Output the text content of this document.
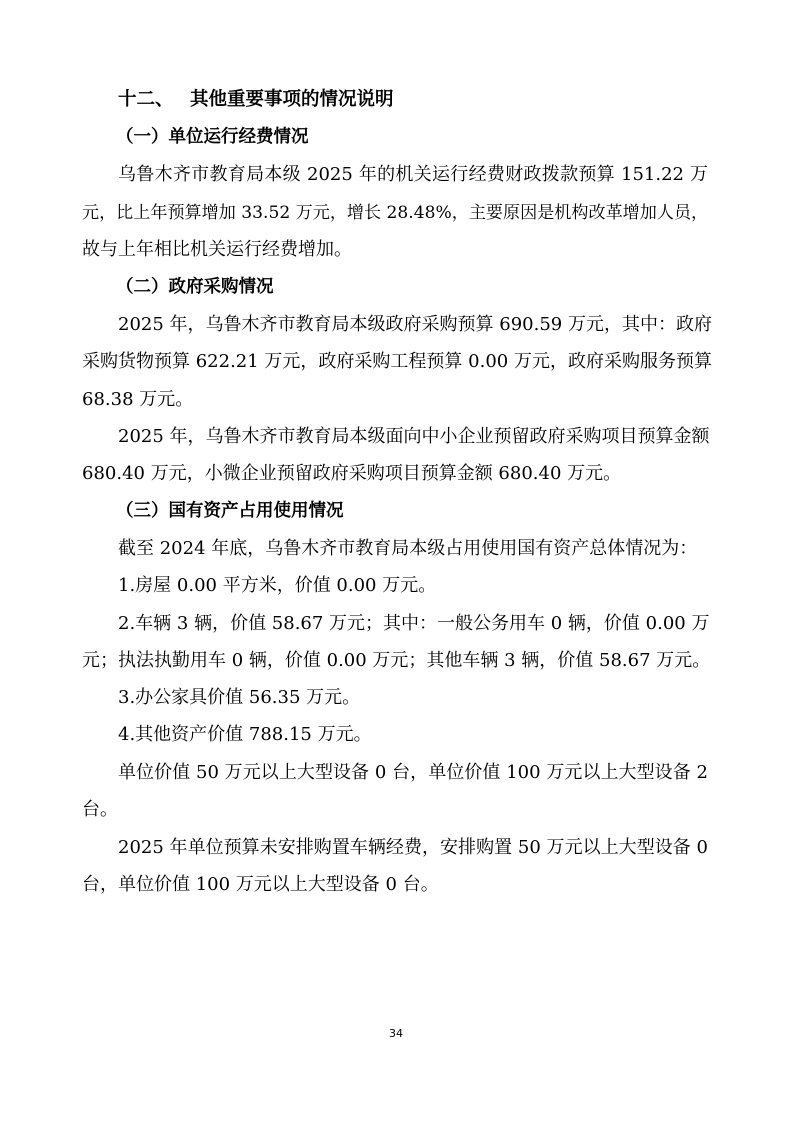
十二、 其他重要事项的情况说明
（一）单位运行经费情况
乌鲁木齐市教育局本级 2025 年的机关运行经费财政拨款预算 151.22 万
元，比上年预算增加 33.52 万元，增长 28.48%，主要原因是机构改革增加人员，
故与上年相比机关运行经费增加。
（二）政府采购情况
2025 年，乌鲁木齐市教育局本级政府采购预算 690.59 万元，其中：政府
采购货物预算 622.21 万元，政府采购工程预算 0.00 万元，政府采购服务预算
68.38 万元。
2025 年，乌鲁木齐市教育局本级面向中小企业预留政府采购项目预算金额
680.40 万元，小微企业预留政府采购项目预算金额 680.40 万元。
（三）国有资产占用使用情况
截至 2024 年底，乌鲁木齐市教育局本级占用使用国有资产总体情况为：
1.房屋 0.00 平方米，价值 0.00 万元。
2.车辆 3 辆，价值 58.67 万元；其中：一般公务用车 0 辆，价值 0.00 万
元；执法执勤用车 0 辆，价值 0.00 万元；其他车辆 3 辆，价值 58.67 万元。
3.办公家具价值 56.35 万元。
4.其他资产价值 788.15 万元。
单位价值 50 万元以上大型设备 0 台，单位价值 100 万元以上大型设备 2
台。
2025 年单位预算未安排购置车辆经费，安排购置 50 万元以上大型设备 0
台，单位价值 100 万元以上大型设备 0 台。
34
